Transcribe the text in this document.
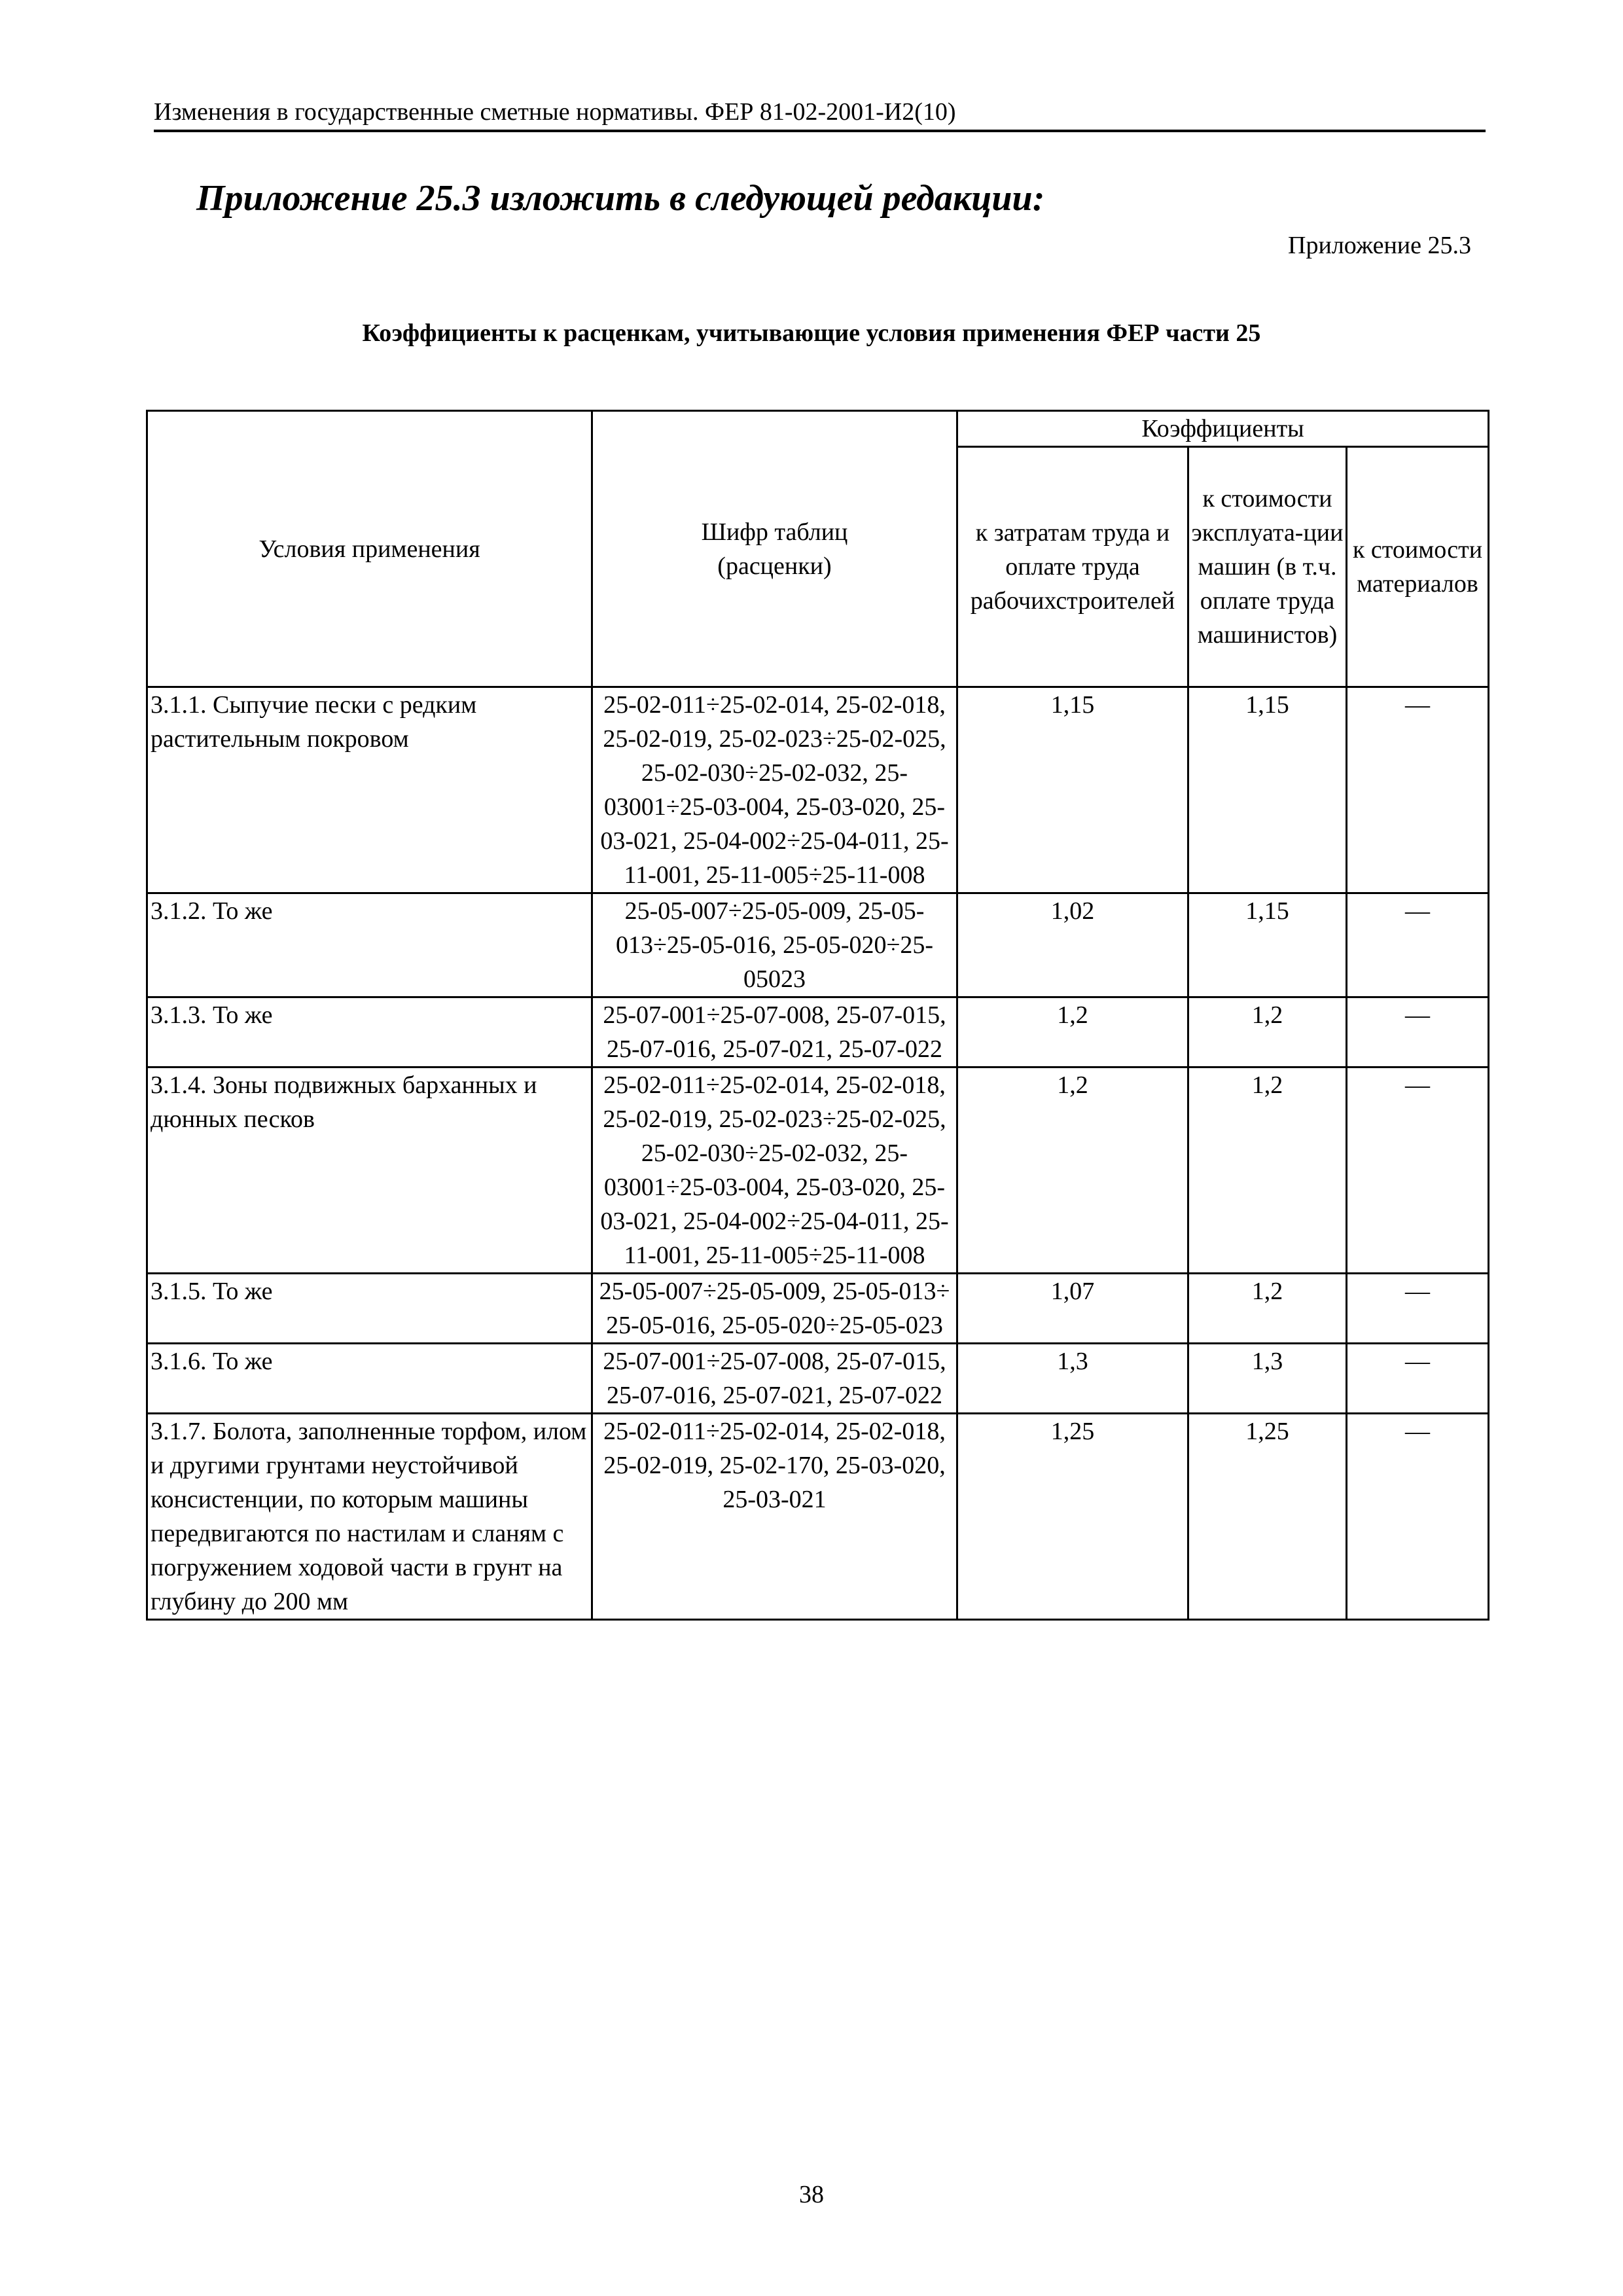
Изменения в государственные сметные нормативы. ФЕР 81-02-2001-И2(10)
Приложение 25.3 изложить в следующей редакции:
Приложение 25.3
Коэффициенты к расценкам, учитывающие условия применения ФЕР части 25
Условия применения	Шифр таблиц (расценки)	Коэффициенты		
		к затратам труда и оплате труда рабочихстроителей	к стоимости эксплуата-ции машин (в т.ч. оплате труда машинистов)	к стоимости материалов
3.1.1. Сыпучие пески с редким растительным покровом	25-02-011÷25-02-014, 25-02-018, 25-02-019, 25-02-023÷25-02-025, 25-02-030÷25-02-032, 25-03001÷25-03-004, 25-03-020, 25-03-021, 25-04-002÷25-04-011, 25-11-001, 25-11-005÷25-11-008	1,15	1,15	—
3.1.2. То же	25-05-007÷25-05-009, 25-05-013÷25-05-016, 25-05-020÷25-05023	1,02	1,15	—
3.1.3. То же	25-07-001÷25-07-008, 25-07-015, 25-07-016, 25-07-021, 25-07-022	1,2	1,2	—
3.1.4. Зоны подвижных барханных и дюнных песков	25-02-011÷25-02-014, 25-02-018, 25-02-019, 25-02-023÷25-02-025, 25-02-030÷25-02-032, 25-03001÷25-03-004, 25-03-020, 25-03-021, 25-04-002÷25-04-011, 25-11-001, 25-11-005÷25-11-008	1,2	1,2	—
3.1.5. То же	25-05-007÷25-05-009, 25-05-013÷ 25-05-016, 25-05-020÷25-05-023	1,07	1,2	—
3.1.6. То же	25-07-001÷25-07-008, 25-07-015, 25-07-016, 25-07-021, 25-07-022	1,3	1,3	—
3.1.7. Болота, заполненные торфом, илом и другими грунтами неустойчивой консистенции, по которым машины передвигаются по настилам и сланям с погружением ходовой части в грунт на глубину до 200 мм	25-02-011÷25-02-014, 25-02-018, 25-02-019, 25-02-170, 25-03-020, 25-03-021	1,25	1,25	—
38
